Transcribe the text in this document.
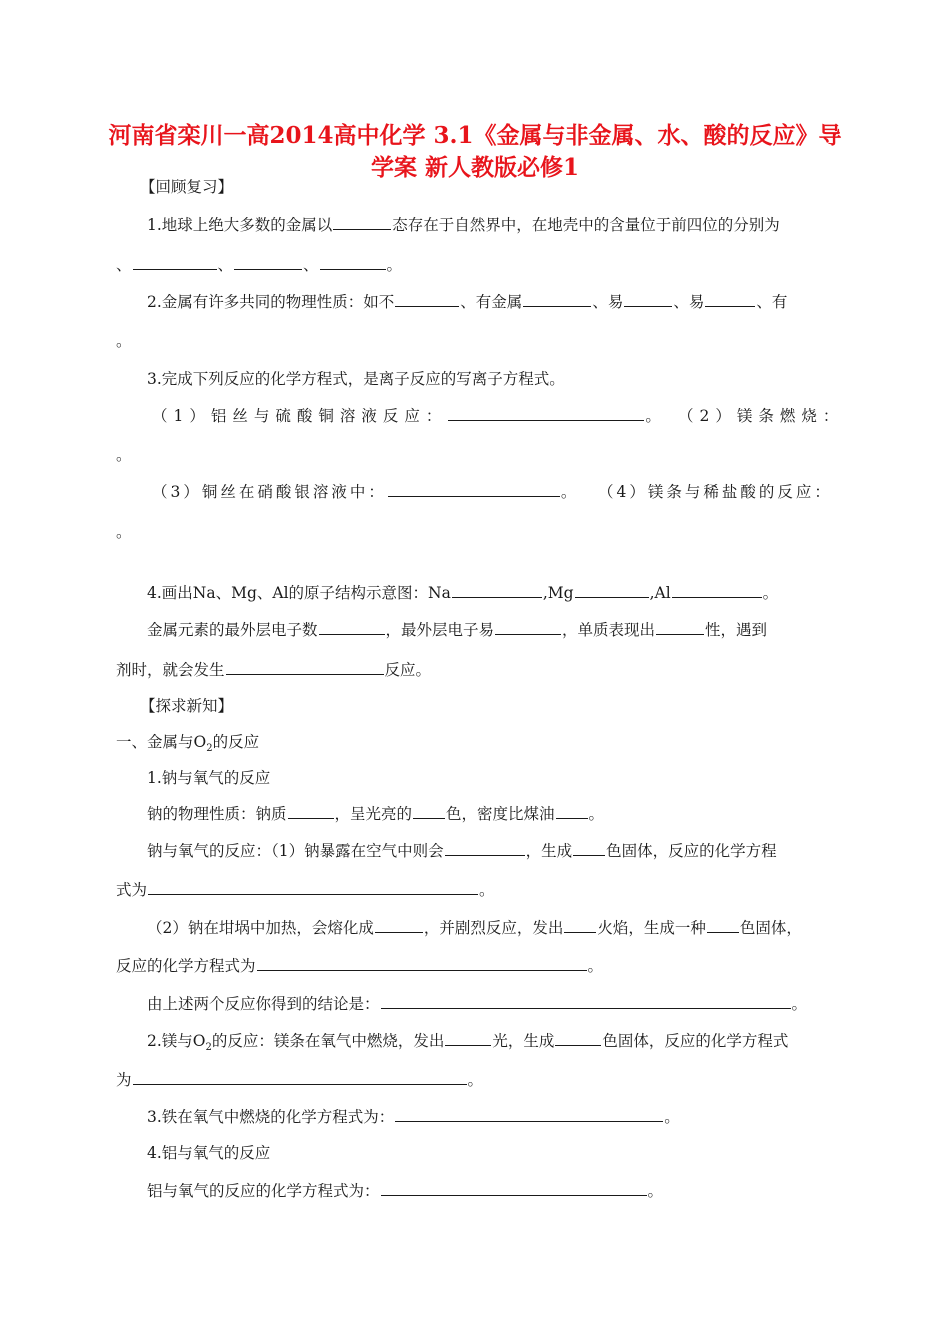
河南省栾川一高2014高中化学 3.1《金属与非金属、水、酸的反应》导
学案 新人教版必修1
【回顾复习】
1.地球上绝大多数的金属以	态存在于自然界中，在地壳中的含量位于前四位的分别为
、	、	、	。
2.金属有许多共同的物理性质：如不	、有金属	、易	、易	、有
。
3.完成下列反应的化学方程式，是离子反应的写离子方程式。
（1）铝丝与硫酸铜溶液反应：	。 （2）镁条燃烧：
。
（3）铜丝在硝酸银溶液中：	。 （4）镁条与稀盐酸的反应：
。
4.画出Na、Mg、Al的原子结构示意图：Na	,Mg	,Al	。
金属元素的最外层电子数	，最外层电子易	，单质表现出	性，遇到
剂时，就会发生	反应。
【探求新知】
一、金属与$O_2$的反应
1.钠与氧气的反应
钠的物理性质：钠质	，呈光亮的 色，密度比煤油 。
钠与氧气的反应：（1）钠暴露在空气中则会	，生成 色固体，反应的化学方程
式为	。
（2）钠在坩埚中加热，会熔化成	，并剧烈反应，发出 火焰，生成一种 色固体，
反应的化学方程式为	。
由上述两个反应你得到的结论是：	。
2.镁与$O_2$的反应：镁条在氧气中燃烧，发出	光，生成	色固体，反应的化学方程式
为	。
3.铁在氧气中燃烧的化学方程式为：	。
4.铝与氧气的反应
铝与氧气的反应的化学方程式为：	。
